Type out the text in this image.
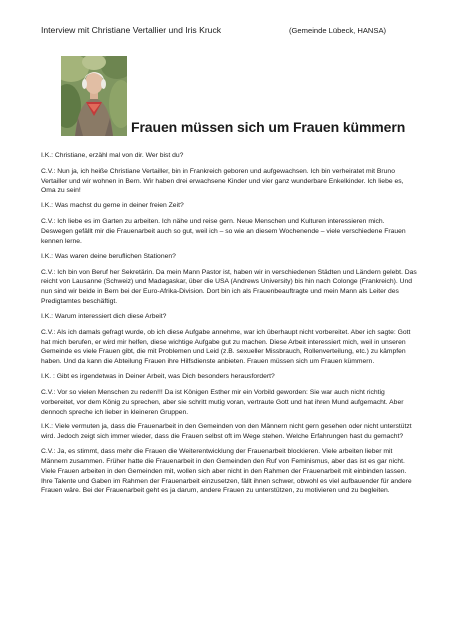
Interview mit Christiane Vertallier und Iris Kruck	(Gemeinde Lübeck, HANSA)
Frauen müssen sich um Frauen kümmern

I.K.: Christiane, erzähl mal von dir. Wer bist du?

C.V.: Nun ja, ich heiße Christiane Vertailler, bin in Frankreich geboren und aufgewachsen. Ich bin verheiratet mit Bruno Vertailler und wir wohnen in Bern. Wir haben drei erwachsene Kinder und vier ganz wunderbare Enkelkinder. Ich liebe es, Oma zu sein!

I.K.: Was machst du gerne in deiner freien Zeit?

C.V.: Ich liebe es im Garten zu arbeiten. Ich nähe und reise gern. Neue Menschen und Kulturen interessieren mich. Deswegen gefällt mir die Frauenarbeit auch so gut, weil ich – so wie an diesem Wochenende – viele verschiedene Frauen kennen lerne.

I.K.: Was waren deine beruflichen Stationen?

C.V.: Ich bin von Beruf her Sekretärin. Da mein Mann Pastor ist, haben wir in verschiedenen Städten und Ländern gelebt. Das reicht von Lausanne (Schweiz) und Madagaskar, über die USA (Andrews University) bis hin nach Colonge (Frankreich). Und nun sind wir beide in Bern bei der Euro-Afrika-Division. Dort bin ich als Frauenbeauftragte und mein Mann als Leiter des Predigtamtes beschäftigt.

I.K.: Warum interessiert dich diese Arbeit?

C.V.: Als ich damals gefragt wurde, ob ich diese Aufgabe annehme, war ich überhaupt nicht vorbereitet. Aber ich sagte: Gott hat mich berufen, er wird mir helfen, diese wichtige Aufgabe gut zu machen. Diese Arbeit interessiert mich, weil in unseren Gemeinde es viele Frauen gibt, die mit Problemen und Leid (z.B. sexueller Missbrauch, Rollenverteilung, etc.) zu kämpfen haben. Und da kann die Abteilung Frauen ihre Hilfsdienste anbieten. Frauen müssen sich um Frauen kümmern.

I.K. : Gibt es irgendetwas in Deiner Arbeit, was Dich besonders herausfordert?

C.V.: Vor so vielen Menschen zu reden!!! Da ist Königen Esther mir ein Vorbild geworden: Sie war auch nicht richtig vorbereitet, vor dem König zu sprechen, aber sie schritt mutig voran, vertraute Gott und hat ihren Mund aufgemacht. Aber dennoch spreche ich lieber in kleineren Gruppen.

I.K.: Viele vermuten ja, dass die Frauenarbeit in den Gemeinden von den Männern nicht gern gesehen oder nicht unterstützt wird. Jedoch zeigt sich immer wieder, dass die Frauen selbst oft im Wege stehen. Welche Erfahrungen hast du gemacht?

C.V.: Ja, es stimmt, dass mehr die Frauen die Weiterentwicklung der Frauenarbeit blockieren. Viele arbeiten lieber mit Männern zusammen. Früher hatte die Frauenarbeit in den Gemeinden den Ruf von Feminismus, aber das ist es gar nicht. Viele Frauen arbeiten in den Gemeinden mit, wollen sich aber nicht in den Rahmen der Frauenarbeit mit einbinden lassen. Ihre Talente und Gaben im Rahmen der Frauenarbeit einzusetzen, fällt ihnen schwer, obwohl es viel aufbauender für andere Frauen wäre. Bei der Frauenarbeit geht es ja darum, andere Frauen zu unterstützen, zu motivieren und zu begleiten.
